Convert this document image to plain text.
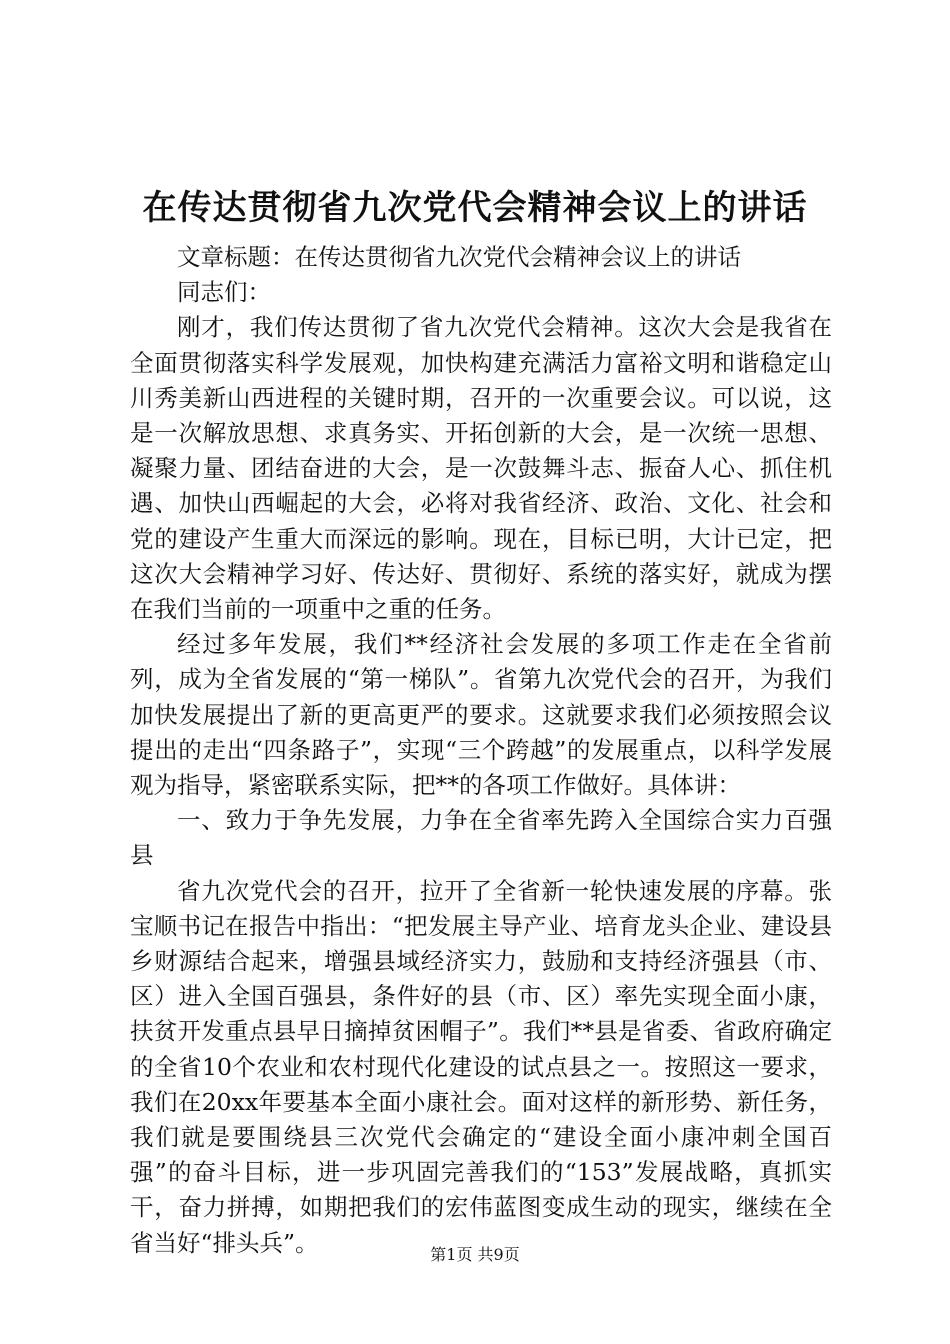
在传达贯彻省九次党代会精神会议上的讲话

文章标题：在传达贯彻省九次党代会精神会议上的讲话

同志们：

刚才，我们传达贯彻了省九次党代会精神。这次大会是我省在全面贯彻落实科学发展观，加快构建充满活力富裕文明和谐稳定山川秀美新山西进程的关键时期，召开的一次重要会议。可以说，这是一次解放思想、求真务实、开拓创新的大会，是一次统一思想、凝聚力量、团结奋进的大会，是一次鼓舞斗志、振奋人心、抓住机遇、加快山西崛起的大会，必将对我省经济、政治、文化、社会和党的建设产生重大而深远的影响。现在，目标已明，大计已定，把这次大会精神学习好、传达好、贯彻好、系统的落实好，就成为摆在我们当前的一项重中之重的任务。

经过多年发展，我们**经济社会发展的多项工作走在全省前列，成为全省发展的“第一梯队”。省第九次党代会的召开，为我们加快发展提出了新的更高更严的要求。这就要求我们必须按照会议提出的走出“四条路子”，实现“三个跨越”的发展重点，以科学发展观为指导，紧密联系实际，把**的各项工作做好。具体讲：

一、致力于争先发展，力争在全省率先跨入全国综合实力百强县

省九次党代会的召开，拉开了全省新一轮快速发展的序幕。张宝顺书记在报告中指出：“把发展主导产业、培育龙头企业、建设县乡财源结合起来，增强县域经济实力，鼓励和支持经济强县（市、区）进入全国百强县，条件好的县（市、区）率先实现全面小康，扶贫开发重点县早日摘掉贫困帽子”。我们**县是省委、省政府确定的全省10个农业和农村现代化建设的试点县之一。按照这一要求，我们在20xx年要基本全面小康社会。面对这样的新形势、新任务，我们就是要围绕县三次党代会确定的“建设全面小康冲刺全国百强”的奋斗目标，进一步巩固完善我们的“153”发展战略，真抓实干，奋力拼搏，如期把我们的宏伟蓝图变成生动的现实，继续在全省当好“排头兵”。	第1页 共9页
